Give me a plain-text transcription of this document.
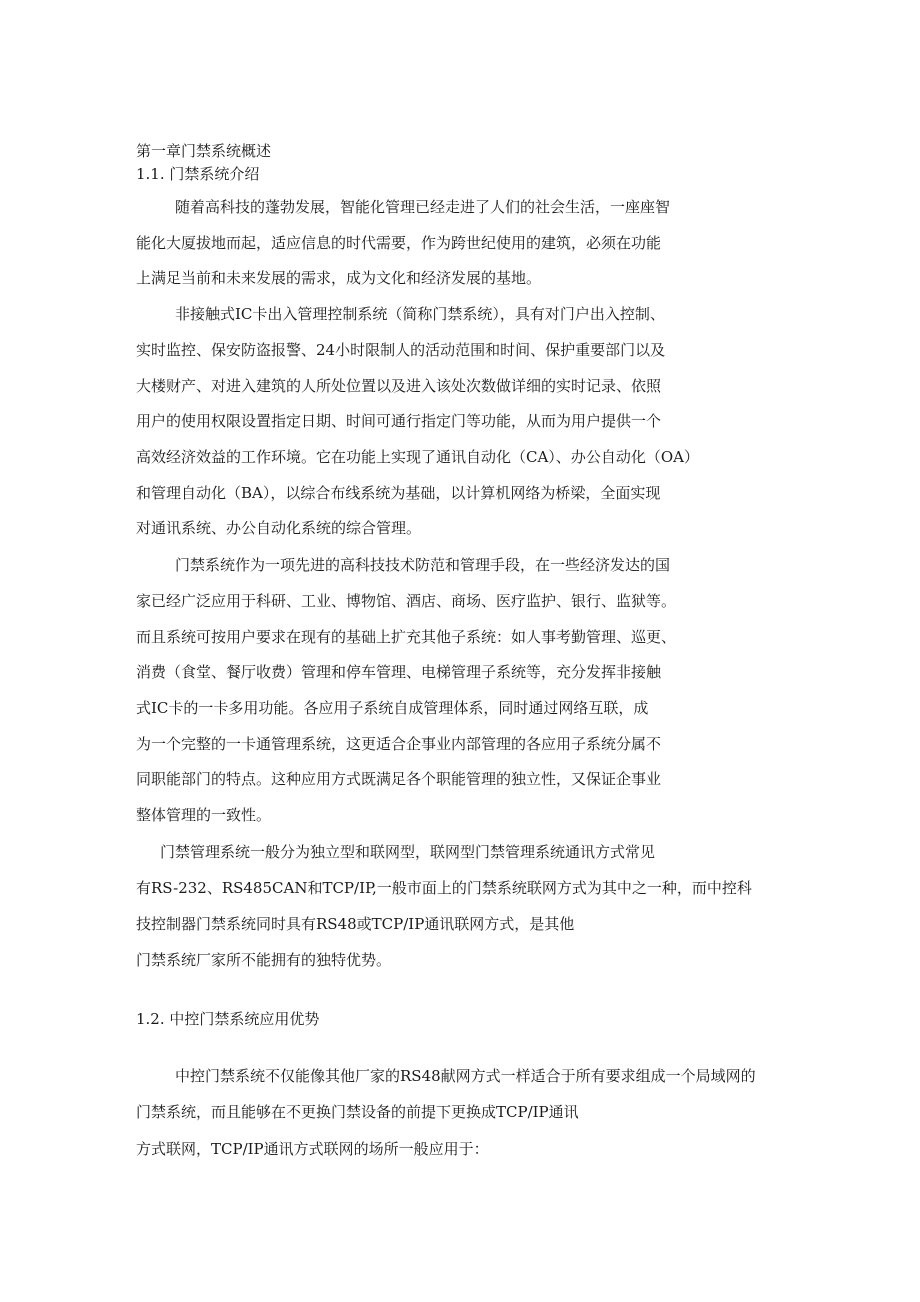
第一章门禁系统概述
1.1. 门禁系统介绍
随着高科技的蓬勃发展，智能化管理已经走进了人们的社会生活，一座座智
能化大厦拔地而起，适应信息的时代需要，作为跨世纪使用的建筑，必须在功能
上满足当前和未来发展的需求，成为文化和经济发展的基地。
非接触式IC卡出入管理控制系统（简称门禁系统），具有对门户出入控制、
实时监控、保安防盗报警、24小时限制人的活动范围和时间、保护重要部门以及
大楼财产、对进入建筑的人所处位置以及进入该处次数做详细的实时记录、依照
用户的使用权限设置指定日期、时间可通行指定门等功能，从而为用户提供一个
高效经济效益的工作环境。它在功能上实现了通讯自动化（CA）、办公自动化（OA）
和管理自动化（BA），以综合布线系统为基础，以计算机网络为桥梁，全面实现
对通讯系统、办公自动化系统的综合管理。
门禁系统作为一项先进的高科技技术防范和管理手段，在一些经济发达的国
家已经广泛应用于科研、工业、博物馆、酒店、商场、医疗监护、银行、监狱等。
而且系统可按用户要求在现有的基础上扩充其他子系统：如人事考勤管理、巡更、
消费（食堂、餐厅收费）管理和停车管理、电梯管理子系统等，充分发挥非接触
式IC卡的一卡多用功能。各应用子系统自成管理体系，同时通过网络互联，成
为一个完整的一卡通管理系统，这更适合企事业内部管理的各应用子系统分属不
同职能部门的特点。这种应用方式既满足各个职能管理的独立性，又保证企事业
整体管理的一致性。
门禁管理系统一般分为独立型和联网型，联网型门禁管理系统通讯方式常见
有RS-232、RS485CAN和TCP/IP,一般市面上的门禁系统联网方式为其中之一种，而中控科
技控制器门禁系统同时具有RS48或TCP/IP通讯联网方式，是其他
门禁系统厂家所不能拥有的独特优势。
1.2. 中控门禁系统应用优势
中控门禁系统不仅能像其他厂家的RS48献网方式一样适合于所有要求组成一个局域网的
门禁系统，而且能够在不更换门禁设备的前提下更换成TCP/IP通讯
方式联网，TCP/IP通讯方式联网的场所一般应用于：
